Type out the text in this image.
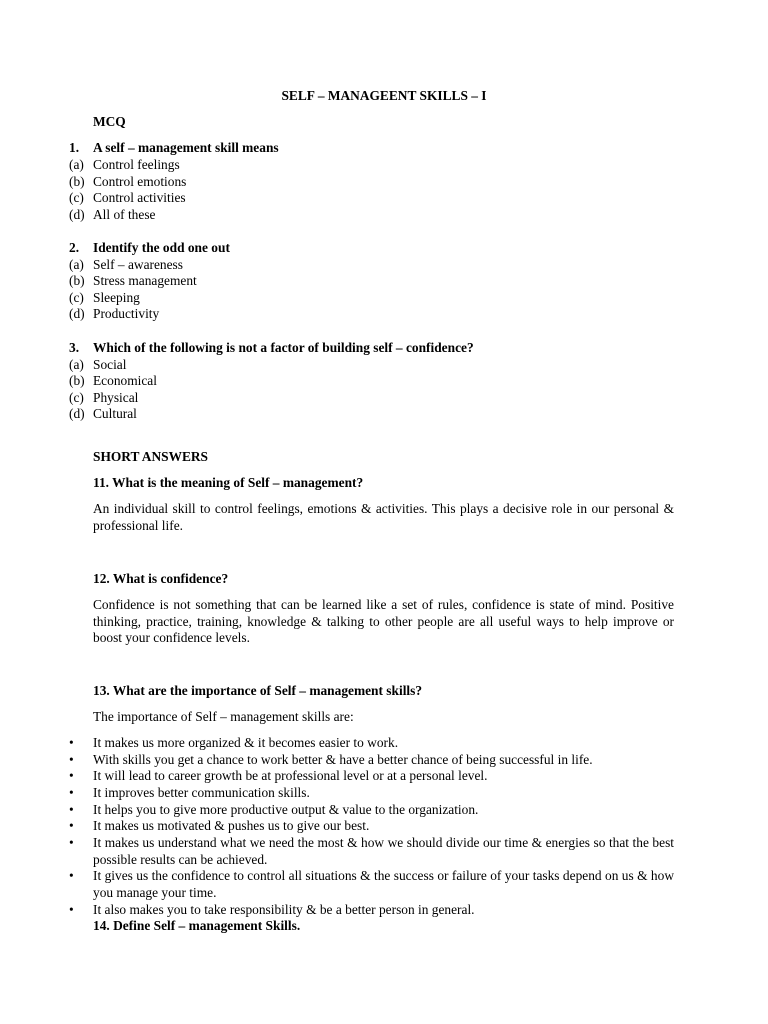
SELF – MANAGEENT SKILLS – I
MCQ
1. A self – management skill means
(a) Control feelings
(b) Control emotions
(c) Control activities
(d) All of these
2. Identify the odd one out
(a) Self – awareness
(b) Stress management
(c) Sleeping
(d) Productivity
3. Which of the following is not a factor of building self – confidence?
(a) Social
(b) Economical
(c) Physical
(d) Cultural
SHORT ANSWERS
11. What is the meaning of Self – management?
An individual skill to control feelings, emotions & activities. This plays a decisive role in our personal & professional life.
12. What is confidence?
Confidence is not something that can be learned like a set of rules, confidence is state of mind. Positive thinking, practice, training, knowledge & talking to other people are all useful ways to help improve or boost your confidence levels.
13. What are the importance of Self – management skills?
The importance of Self – management skills are:
•	It makes us more organized & it becomes easier to work.
•	With skills you get a chance to work better & have a better chance of being successful in life.
•	It will lead to career growth be at professional level or at a personal level.
•	It improves better communication skills.
•	It helps you to give more productive output & value to the organization.
•	It makes us motivated & pushes us to give our best.
•	It makes us understand what we need the most & how we should divide our time & energies so that the best possible results can be achieved.
•	It gives us the confidence to control all situations & the success or failure of your tasks depend on us & how you manage your time.
•	It also makes you to take responsibility & be a better person in general.
14. Define Self – management Skills.
